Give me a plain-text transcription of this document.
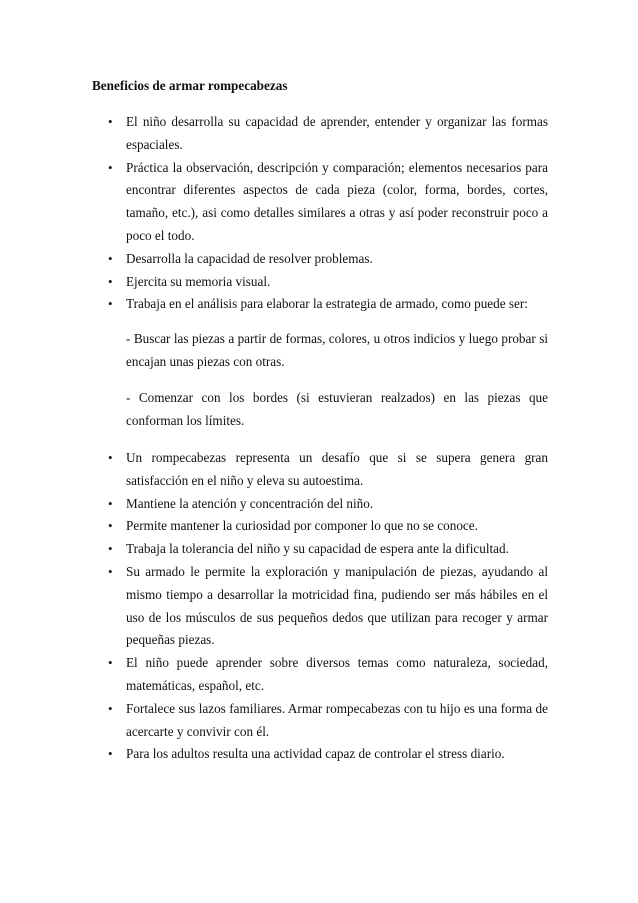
Beneficios de armar rompecabezas
• El niño desarrolla su capacidad de aprender, entender y organizar las formas espaciales.
• Práctica la observación, descripción y comparación; elementos necesarios para encontrar diferentes aspectos de cada pieza (color, forma, bordes, cortes, tamaño, etc.), asi como detalles similares a otras y así poder reconstruir poco a poco el todo.
• Desarrolla la capacidad de resolver problemas.
• Ejercita su memoria visual.
• Trabaja en el análisis para elaborar la estrategia de armado, como puede ser:

- Buscar las piezas a partir de formas, colores, u otros indicios y luego probar si encajan unas piezas con otras.

- Comenzar con los bordes (si estuvieran realzados) en las piezas que conforman los límites.

• Un rompecabezas representa un desafío que si se supera genera gran satisfacción en el niño y eleva su autoestima.
• Mantiene la atención y concentración del niño.
• Permite mantener la curiosidad por componer lo que no se conoce.
• Trabaja la tolerancia del niño y su capacidad de espera ante la dificultad.
• Su armado le permite la exploración y manipulación de piezas, ayudando al mismo tiempo a desarrollar la motricidad fina, pudiendo ser más hábiles en el uso de los músculos de sus pequeños dedos que utilizan para recoger y armar pequeñas piezas.
• El niño puede aprender sobre diversos temas como naturaleza, sociedad, matemáticas, español, etc.
• Fortalece sus lazos familiares. Armar rompecabezas con tu hijo es una forma de acercarte y convivir con él.
• Para los adultos resulta una actividad capaz de controlar el stress diario.
